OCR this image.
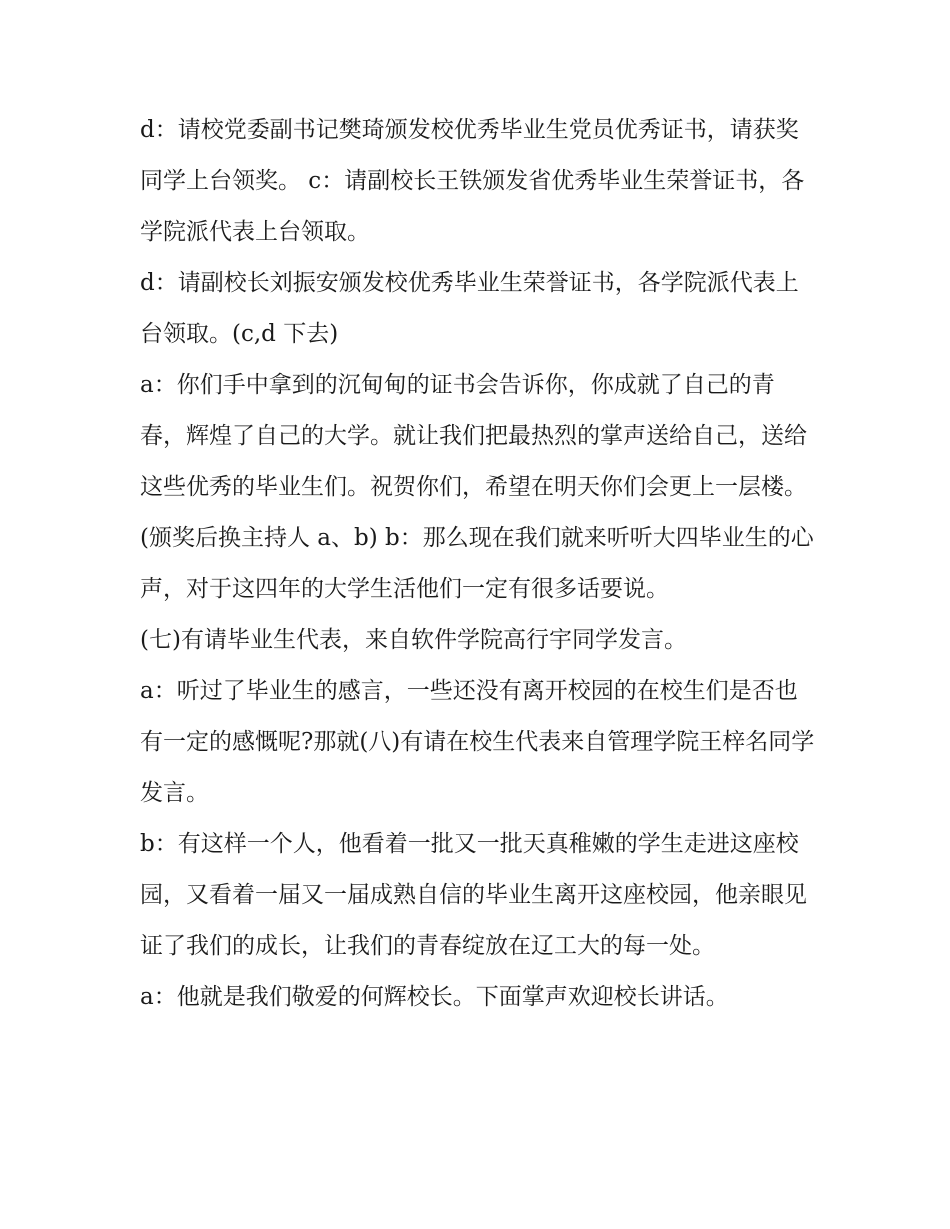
d：请校党委副书记樊琦颁发校优秀毕业生党员优秀证书，请获奖同学上台领奖。 c：请副校长王铁颁发省优秀毕业生荣誉证书，各学院派代表上台领取。

d：请副校长刘振安颁发校优秀毕业生荣誉证书，各学院派代表上台领取。(c,d 下去)

a：你们手中拿到的沉甸甸的证书会告诉你，你成就了自己的青春，辉煌了自己的大学。就让我们把最热烈的掌声送给自己，送给这些优秀的毕业生们。祝贺你们，希望在明天你们会更上一层楼。

(颁奖后换主持人 a、b) b：那么现在我们就来听听大四毕业生的心声，对于这四年的大学生活他们一定有很多话要说。

(七)有请毕业生代表，来自软件学院高行宇同学发言。

a：听过了毕业生的感言，一些还没有离开校园的在校生们是否也有一定的感慨呢?那就(八)有请在校生代表来自管理学院王梓名同学发言。

b：有这样一个人，他看着一批又一批天真稚嫩的学生走进这座校园，又看着一届又一届成熟自信的毕业生离开这座校园，他亲眼见证了我们的成长，让我们的青春绽放在辽工大的每一处。

a：他就是我们敬爱的何辉校长。下面掌声欢迎校长讲话。
